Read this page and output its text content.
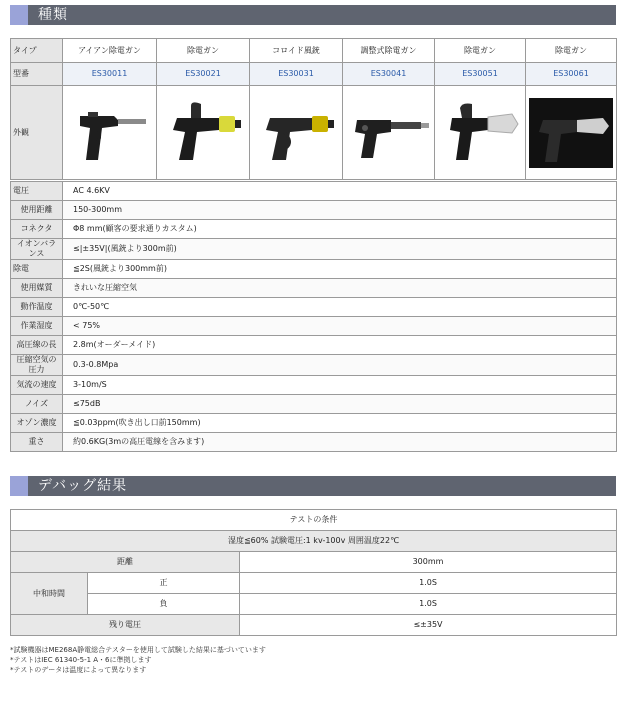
種類
タイプ	アイアン除電ガン	除電ガン	コロイド風銃	調整式除電ガン	除電ガン	除電ガン
型番	ES30011	ES30021	ES30031	ES30041	ES30051	ES30061
外観	

電圧	AC 4.6KV
使用距離	150-300mm
コネクタ	Φ8 mm(顧客の要求通りカスタム)
イオンバランス	≤|±35V|(風銃より300m前)
除電	≦2S(風銃より300mm前)
使用媒質	きれいな圧縮空気
動作温度	0℃-50℃
作業湿度	< 75%
高圧線の長	2.8m(オーダーメイド)
圧縮空気の圧力	0.3-0.8Mpa
気流の速度	3-10m/S
ノイズ	≤75dB
オゾン濃度	≦0.03ppm(吹き出し口前150mm)
重さ	約0.6KG(3mの高圧電線を含みます)
デバッグ結果
テストの条件		
湿度≦60% 試験電圧:1 kv-100v 周囲温度22℃		
距離		300mm
中和時間	正	1.0S
	負	1.0S
残り電圧		≤±35V
*試験機器はME268A静電総合テスターを使用して試験した結果に基づいています
*テストはIEC 61340-5-1 A・6に準拠します
*テストのデータは温度によって異なります
